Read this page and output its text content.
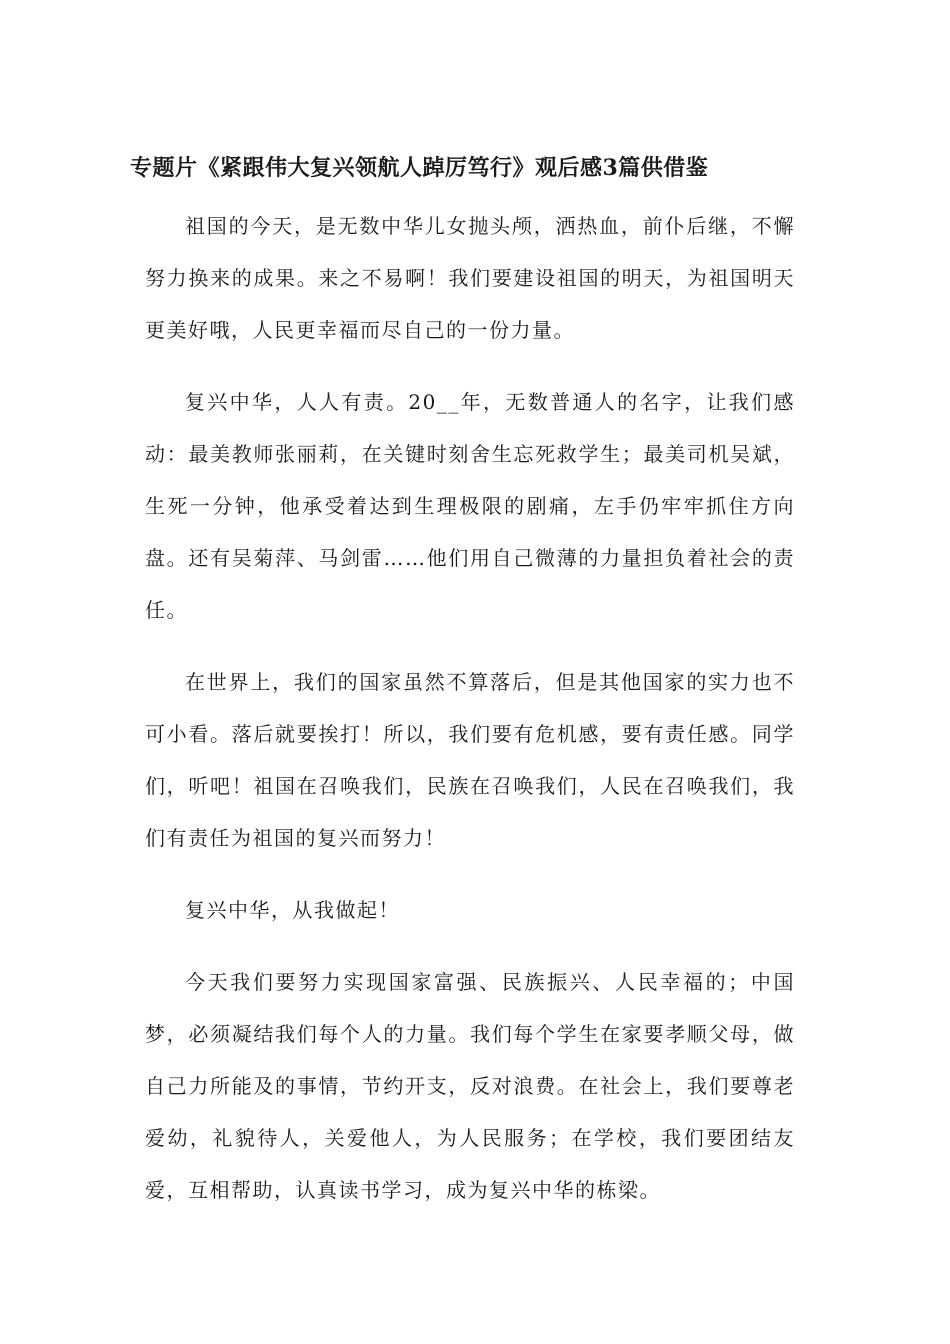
专题片《紧跟伟大复兴领航人踔厉笃行》观后感3篇供借鉴

祖国的今天，是无数中华儿女抛头颅，洒热血，前仆后继，不懈努力换来的成果。来之不易啊！我们要建设祖国的明天，为祖国明天更美好哦，人民更幸福而尽自己的一份力量。

复兴中华，人人有责。20__年，无数普通人的名字，让我们感动：最美教师张丽莉，在关键时刻舍生忘死救学生；最美司机吴斌，生死一分钟，他承受着达到生理极限的剧痛，左手仍牢牢抓住方向盘。还有吴菊萍、马剑雷……他们用自己微薄的力量担负着社会的责任。

在世界上，我们的国家虽然不算落后，但是其他国家的实力也不可小看。落后就要挨打！所以，我们要有危机感，要有责任感。同学们，听吧！祖国在召唤我们，民族在召唤我们，人民在召唤我们，我们有责任为祖国的复兴而努力！

复兴中华，从我做起！

今天我们要努力实现国家富强、民族振兴、人民幸福的；中国梦，必须凝结我们每个人的力量。我们每个学生在家要孝顺父母，做自己力所能及的事情，节约开支，反对浪费。在社会上，我们要尊老爱幼，礼貌待人，关爱他人，为人民服务；在学校，我们要团结友爱，互相帮助，认真读书学习，成为复兴中华的栋梁。
